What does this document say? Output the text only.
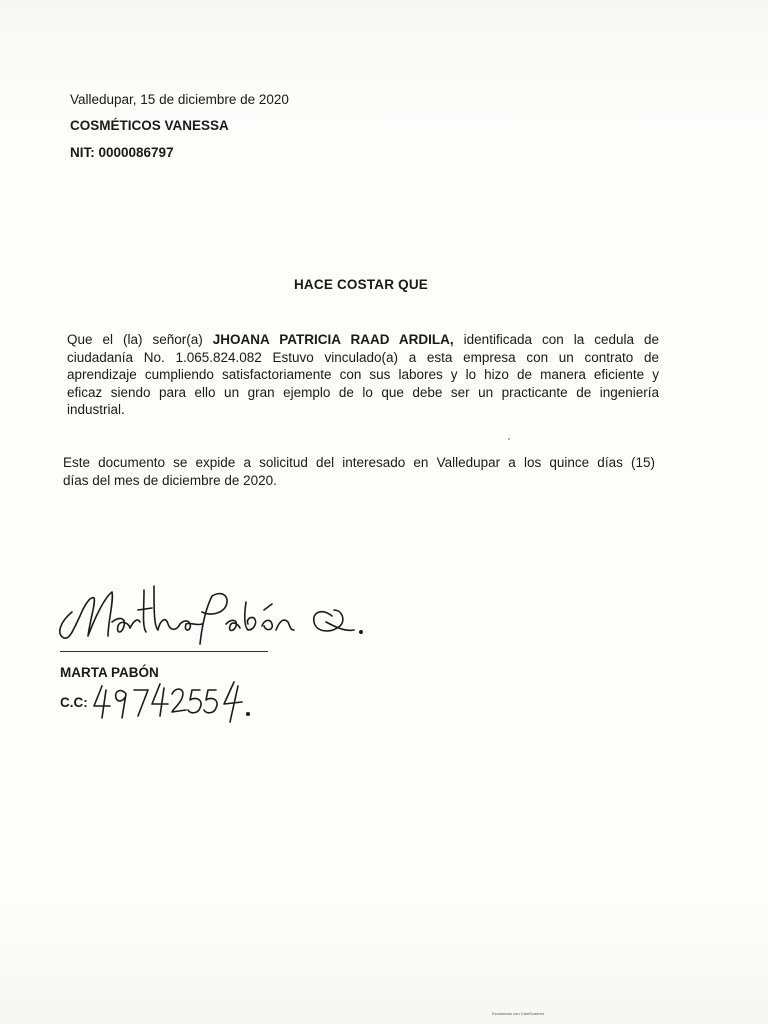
Valledupar, 15 de diciembre de 2020
COSMÉTICOS VANESSA
NIT: 0000086797
HACE COSTAR QUE
Que el (la) señor(a) JHOANA PATRICIA RAAD ARDILA, identificada con la cedula de
ciudadanía No. 1.065.824.082 Estuvo vinculado(a) a esta empresa con un contrato de
aprendizaje cumpliendo satisfactoriamente con sus labores y lo hizo de manera eficiente y
eficaz siendo para ello un gran ejemplo de lo que debe ser un practicante de ingeniería
industrial.
Este documento se expide a solicitud del interesado en Valledupar a los quince días (15)
días del mes de diciembre de 2020.
MARTA PABÓN
C.C:
Escaneado con CamScanner
